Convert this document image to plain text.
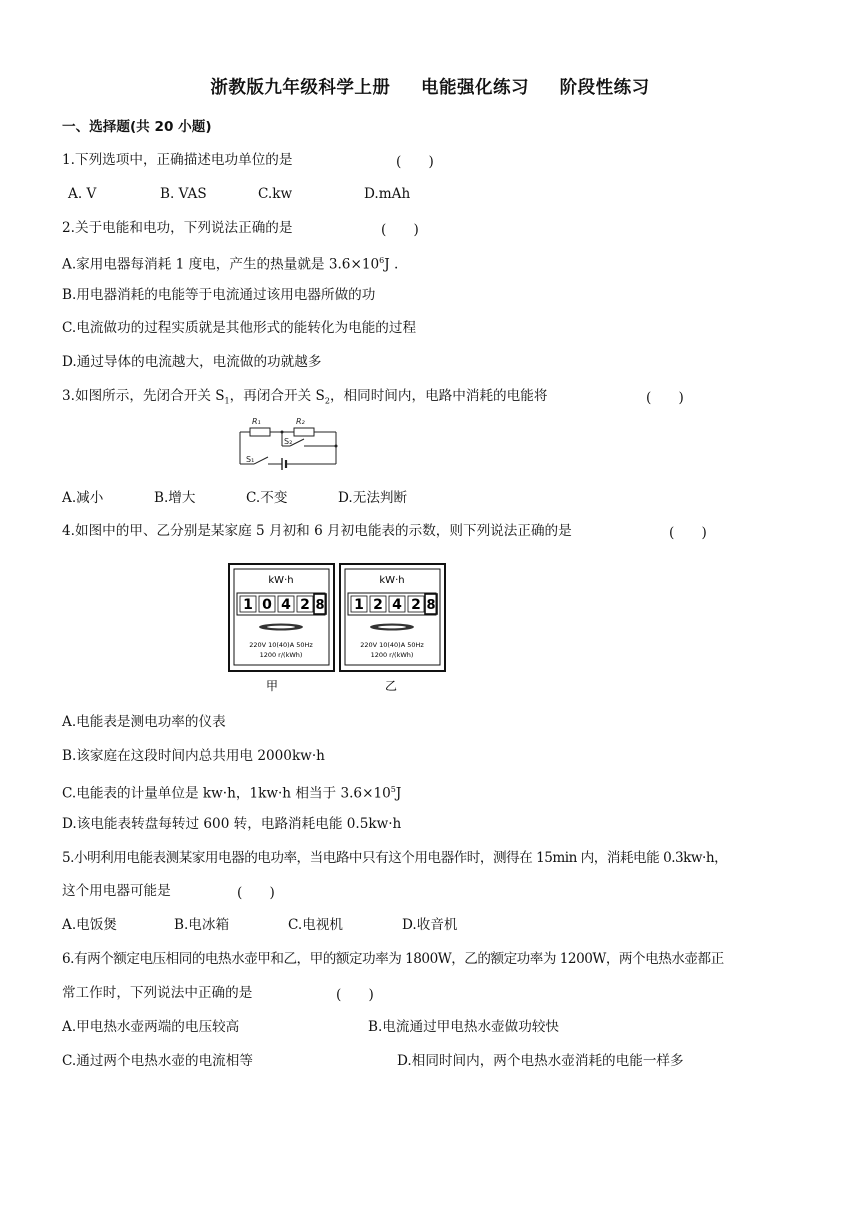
浙教版九年级科学上册 电能强化练习 阶段性练习
一、选择题(共 20 小题)
1.下列选项中，正确描述电功单位的是	(　　)
A. V	B. VAS	C.kw	D.mAh
2.关于电能和电功，下列说法正确的是	(　　)
A.家用电器每消耗 1 度电，产生的热量就是 $3.6\times 10^6J$ .
B.用电器消耗的电能等于电流通过该用电器所做的功
C.电流做功的过程实质就是其他形式的能转化为电能的过程
D.通过导体的电流越大，电流做的功就越多
3.如图所示，先闭合开关 $S_1$，再闭合开关 $S_2$，相同时间内，电路中消耗的电能将	(　　)
R₁	R₂
S₁
S₂
A.减小	B.增大	C.不变	D.无法判断
4.如图中的甲、乙分别是某家庭 5 月初和 6 月初电能表的示数，则下列说法正确的是	(　　)
kW·h
1 0 4 2 8
220V 10(40)A 50Hz
1200 r/(kWh)
kW·h
1 2 4 2 8
220V 10(40)A 50Hz
1200 r/(kWh)
甲	乙
A.电能表是测电功率的仪表
B.该家庭在这段时间内总共用电 2000kw·h
C.电能表的计量单位是 kw·h，1kw·h 相当于 $3.6\times 10^5J$
D.该电能表转盘每转过 600 转，电路消耗电能 0.5kw·h
5.小明利用电能表测某家用电器的电功率，当电路中只有这个用电器作时，测得在 15min 内，消耗电能 0.3kw·h，
这个用电器可能是	(　　)
A.电饭煲	B.电冰箱	C.电视机	D.收音机
6.有两个额定电压相同的电热水壶甲和乙，甲的额定功率为 1800W，乙的额定功率为 1200W，两个电热水壶都正
常工作时，下列说法中正确的是	(　　)
A.甲电热水壶两端的电压较高	B.电流通过甲电热水壶做功较快
C.通过两个电热水壶的电流相等	D.相同时间内，两个电热水壶消耗的电能一样多
